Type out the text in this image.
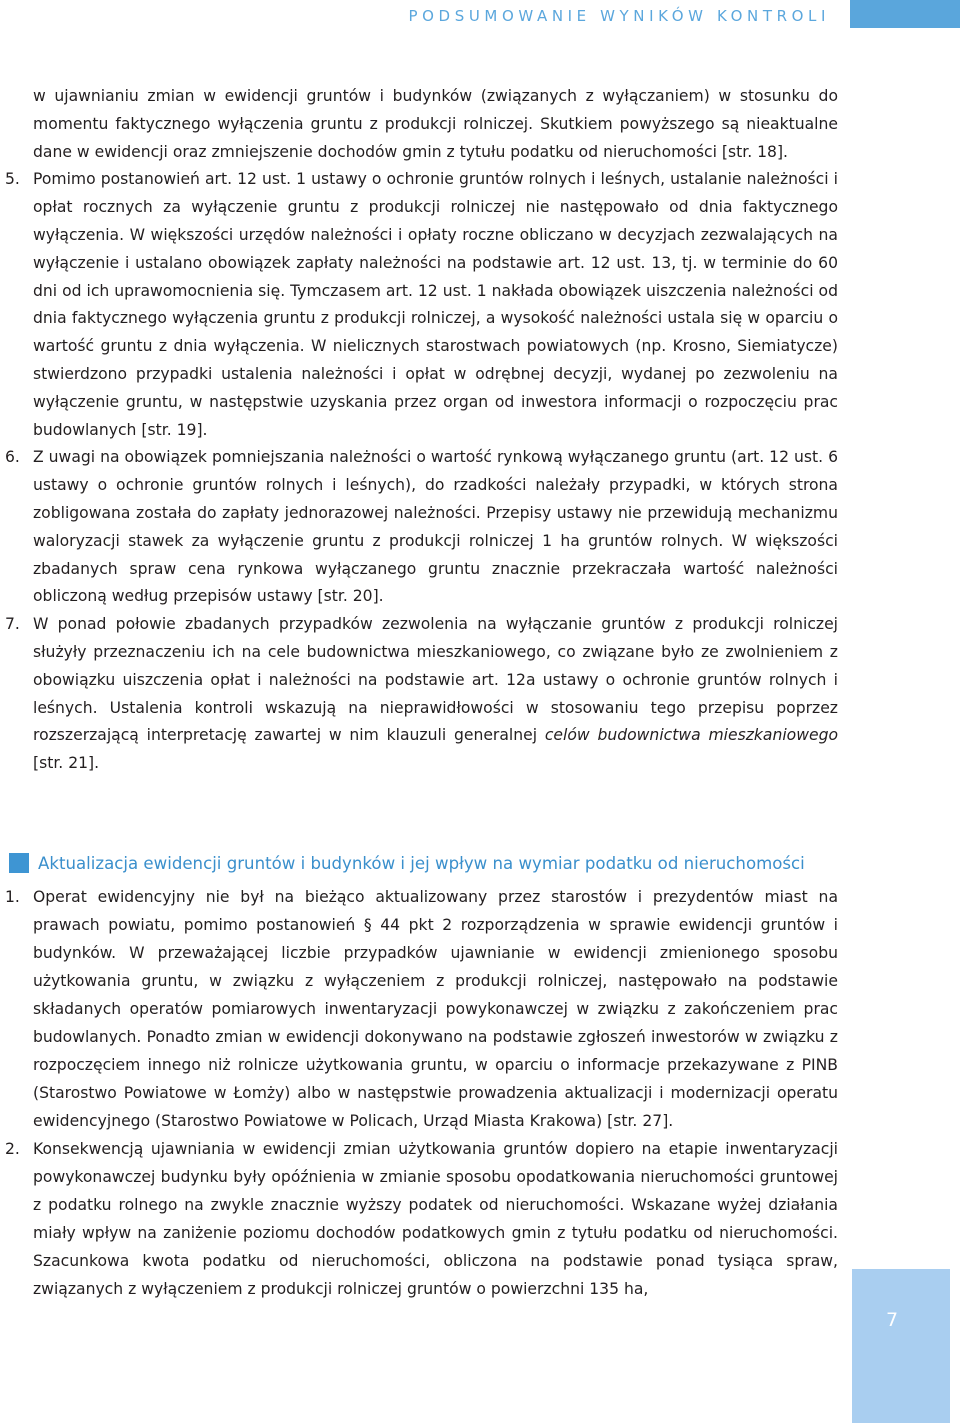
PODSUMOWANIE WYNIKÓW KONTROLI

w ujawnianiu zmian w ewidencji gruntów i budynków (związanych z wyłączaniem) w stosunku do momentu faktycznego wyłączenia gruntu z produkcji rolniczej. Skutkiem powyższego są nieaktualne dane w ewidencji oraz zmniejszenie dochodów gmin z tytułu podatku od nieruchomości [str. 18].

5. Pomimo postanowień art. 12 ust. 1 ustawy o ochronie gruntów rolnych i leśnych, ustalanie należności i opłat rocznych za wyłączenie gruntu z produkcji rolniczej nie następowało od dnia faktycznego wyłączenia. W większości urzędów należności i opłaty roczne obliczano w decyzjach zezwalających na wyłączenie i ustalano obowiązek zapłaty należności na podstawie art. 12 ust. 13, tj. w terminie do 60 dni od ich uprawomocnienia się. Tymczasem art. 12 ust. 1 nakłada obowiązek uiszczenia należności od dnia faktycznego wyłączenia gruntu z produkcji rolniczej, a wysokość należności ustala się w oparciu o wartość gruntu z dnia wyłączenia. W nielicznych starostwach powiatowych (np. Krosno, Siemiatycze) stwierdzono przypadki ustalenia należności i opłat w odrębnej decyzji, wydanej po zezwoleniu na wyłączenie gruntu, w następstwie uzyskania przez organ od inwestora informacji o rozpoczęciu prac budowlanych [str. 19].

6. Z uwagi na obowiązek pomniejszania należności o wartość rynkową wyłączanego gruntu (art. 12 ust. 6 ustawy o ochronie gruntów rolnych i leśnych), do rzadkości należały przypadki, w których strona zobligowana została do zapłaty jednorazowej należności. Przepisy ustawy nie przewidują mechanizmu waloryzacji stawek za wyłączenie gruntu z produkcji rolniczej 1 ha gruntów rolnych. W większości zbadanych spraw cena rynkowa wyłączanego gruntu znacznie przekraczała wartość należności obliczoną według przepisów ustawy [str. 20].

7. W ponad połowie zbadanych przypadków zezwolenia na wyłączanie gruntów z produkcji rolniczej służyły przeznaczeniu ich na cele budownictwa mieszkaniowego, co związane było ze zwolnieniem z obowiązku uiszczenia opłat i należności na podstawie art. 12a ustawy o ochronie gruntów rolnych i leśnych. Ustalenia kontroli wskazują na nieprawidłowości w stosowaniu tego przepisu poprzez rozszerzającą interpretację zawartej w nim klauzuli generalnej celów budownictwa mieszkaniowego [str. 21].

Aktualizacja ewidencji gruntów i budynków i jej wpływ na wymiar podatku od nieruchomości
1. Operat ewidencyjny nie był na bieżąco aktualizowany przez starostów i prezydentów miast na prawach powiatu, pomimo postanowień § 44 pkt 2 rozporządzenia w sprawie ewidencji gruntów i budynków. W przeważającej liczbie przypadków ujawnianie w ewidencji zmienionego sposobu użytkowania gruntu, w związku z wyłączeniem z produkcji rolniczej, następowało na podstawie składanych operatów pomiarowych inwentaryzacji powykonawczej w związku z zakończeniem prac budowlanych. Ponadto zmian w ewidencji dokonywano na podstawie zgłoszeń inwestorów w związku z rozpoczęciem innego niż rolnicze użytkowania gruntu, w oparciu o informacje przekazywane z PINB (Starostwo Powiatowe w Łomży) albo w następstwie prowadzenia aktualizacji i modernizacji operatu ewidencyjnego (Starostwo Powiatowe w Policach, Urząd Miasta Krakowa) [str. 27].

2. Konsekwencją ujawniania w ewidencji zmian użytkowania gruntów dopiero na etapie inwentaryzacji powykonawczej budynku były opóźnienia w zmianie sposobu opodatkowania nieruchomości gruntowej z podatku rolnego na zwykle znacznie wyższy podatek od nieruchomości. Wskazane wyżej działania miały wpływ na zaniżenie poziomu dochodów podatkowych gmin z tytułu podatku od nieruchomości. Szacunkowa kwota podatku od nieruchomości, obliczona na podstawie ponad tysiąca spraw, związanych z wyłączeniem z produkcji rolniczej gruntów o powierzchni 135 ha,

7
